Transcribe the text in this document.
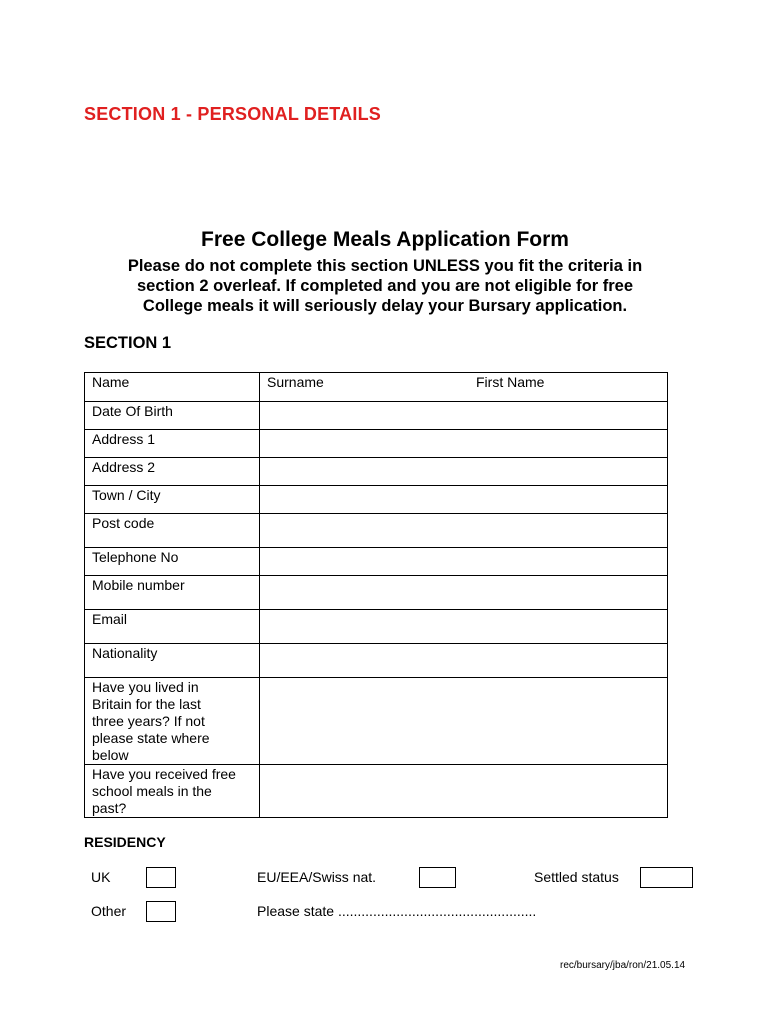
SECTION 1 - PERSONAL DETAILS
Free College Meals Application Form
Please do not complete this section UNLESS you fit the criteria in
section 2 overleaf. If completed and you are not eligible for free
College meals it will seriously delay your Bursary application.
SECTION 1
Name	Surname First Name

Date Of Birth	
Address 1	
Address 2	
Town / City	
Post code	
Telephone No	
Mobile number	
Email	
Nationality	

Have you lived in
Britain for the last
three years? If not
please state where
below	

Have you received free
school meals in the
past?	

RESIDENCY
UK	EU/EEA/Swiss nat.	Settled status
Other	Please state ...................................................
rec/bursary/jba/ron/21.05.14
